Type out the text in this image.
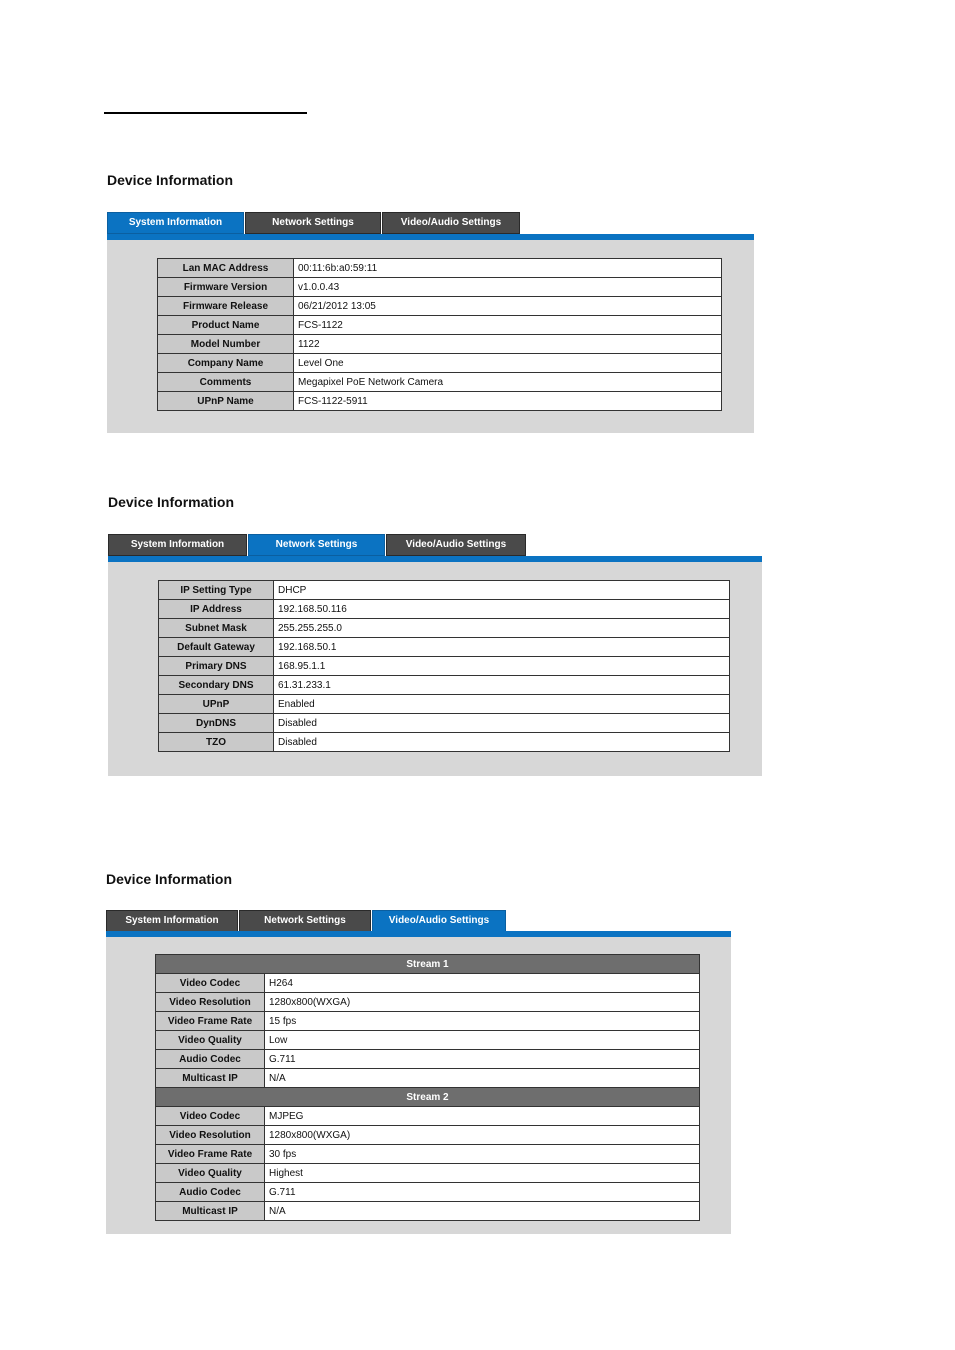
Device Information
System Information	Network Settings	Video/Audio Settings
Lan MAC Address	00:11:6b:a0:59:11
Firmware Version	v1.0.0.43
Firmware Release	06/21/2012 13:05
Product Name	FCS-1122
Model Number	1122
Company Name	Level One
Comments	Megapixel PoE Network Camera
UPnP Name	FCS-1122-5911
Device Information
System Information	Network Settings	Video/Audio Settings
IP Setting Type	DHCP
IP Address	192.168.50.116
Subnet Mask	255.255.255.0
Default Gateway	192.168.50.1
Primary DNS	168.95.1.1
Secondary DNS	61.31.233.1
UPnP	Enabled
DynDNS	Disabled
TZO	Disabled
Device Information
System Information	Network Settings	Video/Audio Settings
Stream 1	
Video Codec	H264
Video Resolution	1280x800(WXGA)
Video Frame Rate	15 fps
Video Quality	Low
Audio Codec	G.711
Multicast IP	N/A
Stream 2	
Video Codec	MJPEG
Video Resolution	1280x800(WXGA)
Video Frame Rate	30 fps
Video Quality	Highest
Audio Codec	G.711
Multicast IP	N/A
